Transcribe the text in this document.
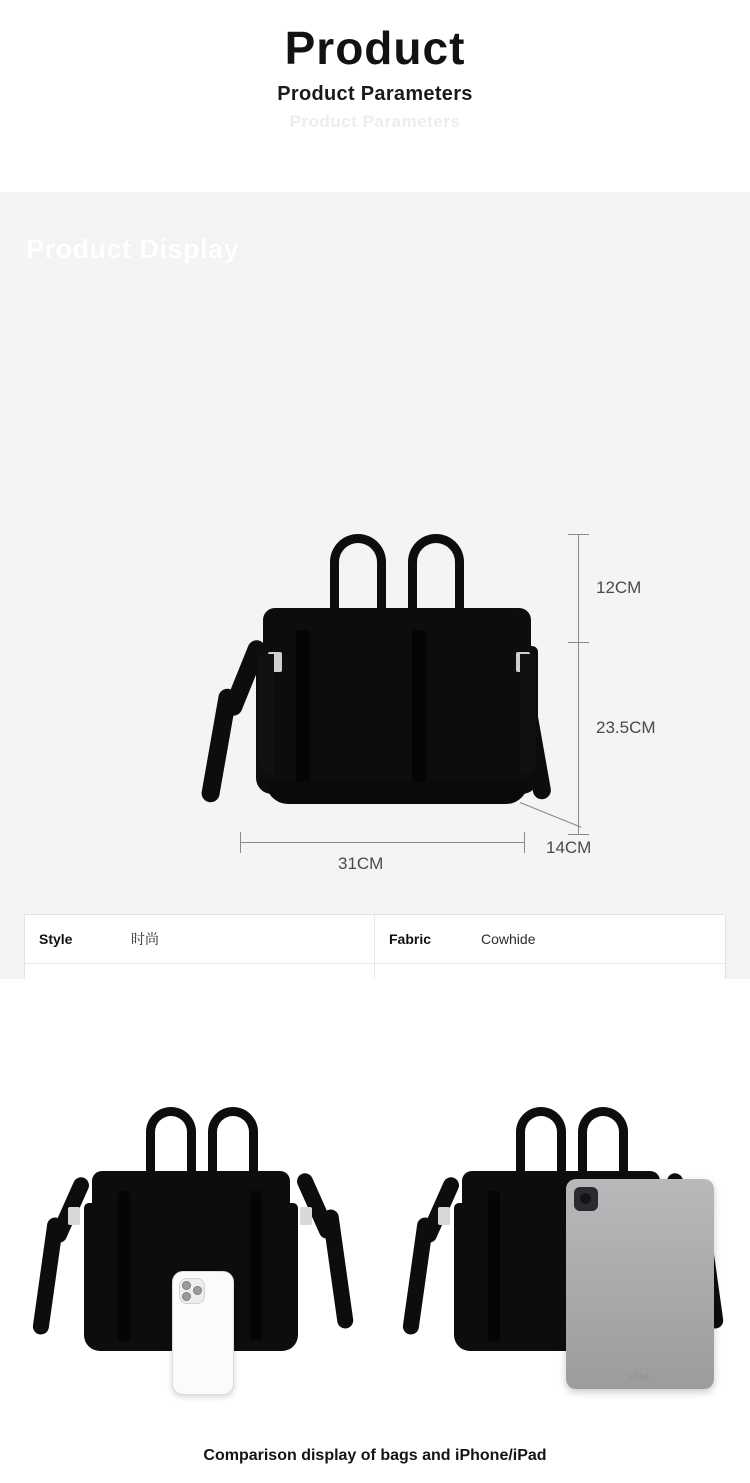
Product
Product Parameters
Product Parameters
Product Display
12CM
23.5CM
14CM
31CM
Style	时尚	Fabric	Cowhide
iPad
Comparison display of bags and iPhone/iPad
